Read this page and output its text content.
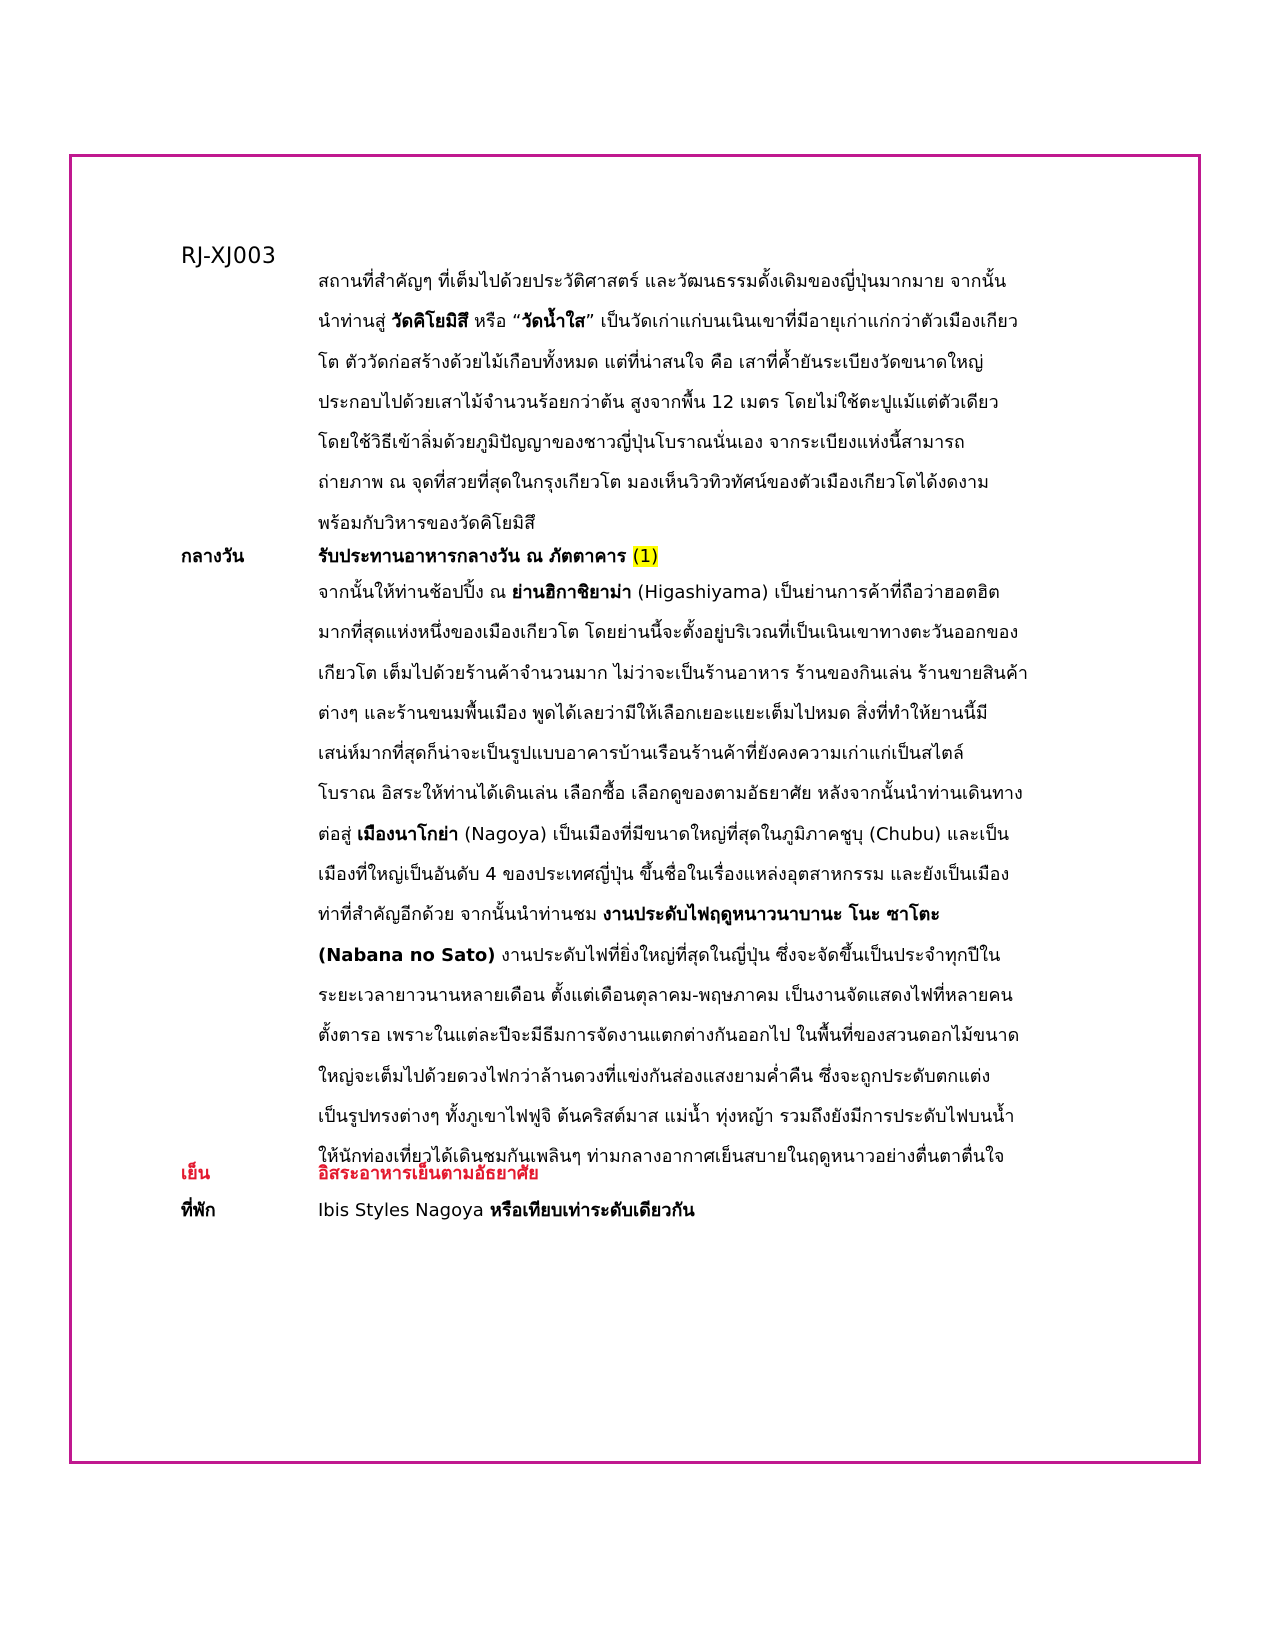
RJ-XJ003
สถานที่สำคัญๆ ที่เต็มไปด้วยประวัติศาสตร์ และวัฒนธรรมดั้งเดิมของญี่ปุ่นมากมาย จากนั้น
นำท่านสู่ วัดคิโยมิสึ หรือ “วัดน้ำใส” เป็นวัดเก่าแก่บนเนินเขาที่มีอายุเก่าแก่กว่าตัวเมืองเกียว
โต ตัววัดก่อสร้างด้วยไม้เกือบทั้งหมด แต่ที่น่าสนใจ คือ เสาที่ค้ำยันระเบียงวัดขนาดใหญ่
ประกอบไปด้วยเสาไม้จำนวนร้อยกว่าต้น สูงจากพื้น 12 เมตร โดยไม่ใช้ตะปูแม้แต่ตัวเดียว
โดยใช้วิธีเข้าลิ่มด้วยภูมิปัญญาของชาวญี่ปุ่นโบราณนั่นเอง จากระเบียงแห่งนี้สามารถ
ถ่ายภาพ ณ จุดที่สวยที่สุดในกรุงเกียวโต มองเห็นวิวทิวทัศน์ของตัวเมืองเกียวโตได้งดงาม
พร้อมกับวิหารของวัดคิโยมิสึ
กลางวัน	รับประทานอาหารกลางวัน ณ ภัตตาคาร (1)
จากนั้นให้ท่านช้อปปิ้ง ณ ย่านฮิกาชิยาม่า (Higashiyama) เป็นย่านการค้าที่ถือว่าฮอตฮิต
มากที่สุดแห่งหนึ่งของเมืองเกียวโต โดยย่านนี้จะตั้งอยู่บริเวณที่เป็นเนินเขาทางตะวันออกของ
เกียวโต เต็มไปด้วยร้านค้าจำนวนมาก ไม่ว่าจะเป็นร้านอาหาร ร้านของกินเล่น ร้านขายสินค้า
ต่างๆ และร้านขนมพื้นเมือง พูดได้เลยว่ามีให้เลือกเยอะแยะเต็มไปหมด สิ่งที่ทำให้ยานนี้มี
เสน่ห์มากที่สุดก็น่าจะเป็นรูปแบบอาคารบ้านเรือนร้านค้าที่ยังคงความเก่าแก่เป็นสไตล์
โบราณ อิสระให้ท่านได้เดินเล่น เลือกซื้อ เลือกดูของตามอัธยาศัย หลังจากนั้นนำท่านเดินทาง
ต่อสู่ เมืองนาโกย่า (Nagoya) เป็นเมืองที่มีขนาดใหญ่ที่สุดในภูมิภาคชูบุ (Chubu) และเป็น
เมืองที่ใหญ่เป็นอันดับ 4 ของประเทศญี่ปุ่น ขึ้นชื่อในเรื่องแหล่งอุตสาหกรรม และยังเป็นเมือง
ท่าที่สำคัญอีกด้วย จากนั้นนำท่านชม งานประดับไฟฤดูหนาวนาบานะ โนะ ซาโตะ
(Nabana no Sato) งานประดับไฟที่ยิ่งใหญ่ที่สุดในญี่ปุ่น ซึ่งจะจัดขึ้นเป็นประจำทุกปีใน
ระยะเวลายาวนานหลายเดือน ตั้งแต่เดือนตุลาคม-พฤษภาคม เป็นงานจัดแสดงไฟที่หลายคน
ตั้งตารอ เพราะในแต่ละปีจะมีธีมการจัดงานแตกต่างกันออกไป ในพื้นที่ของสวนดอกไม้ขนาด
ใหญ่จะเต็มไปด้วยดวงไฟกว่าล้านดวงที่แข่งกันส่องแสงยามค่ำคืน ซึ่งจะถูกประดับตกแต่ง
เป็นรูปทรงต่างๆ ทั้งภูเขาไฟฟูจิ ต้นคริสต์มาส แม่น้ำ ทุ่งหญ้า รวมถึงยังมีการประดับไฟบนน้ำ
ให้นักท่องเที่ยวได้เดินชมกันเพลินๆ ท่ามกลางอากาศเย็นสบายในฤดูหนาวอย่างตื่นตาตื่นใจ
เย็น	อิสระอาหารเย็นตามอัธยาศัย
ที่พัก	Ibis Styles Nagoya หรือเทียบเท่าระดับเดียวกัน
